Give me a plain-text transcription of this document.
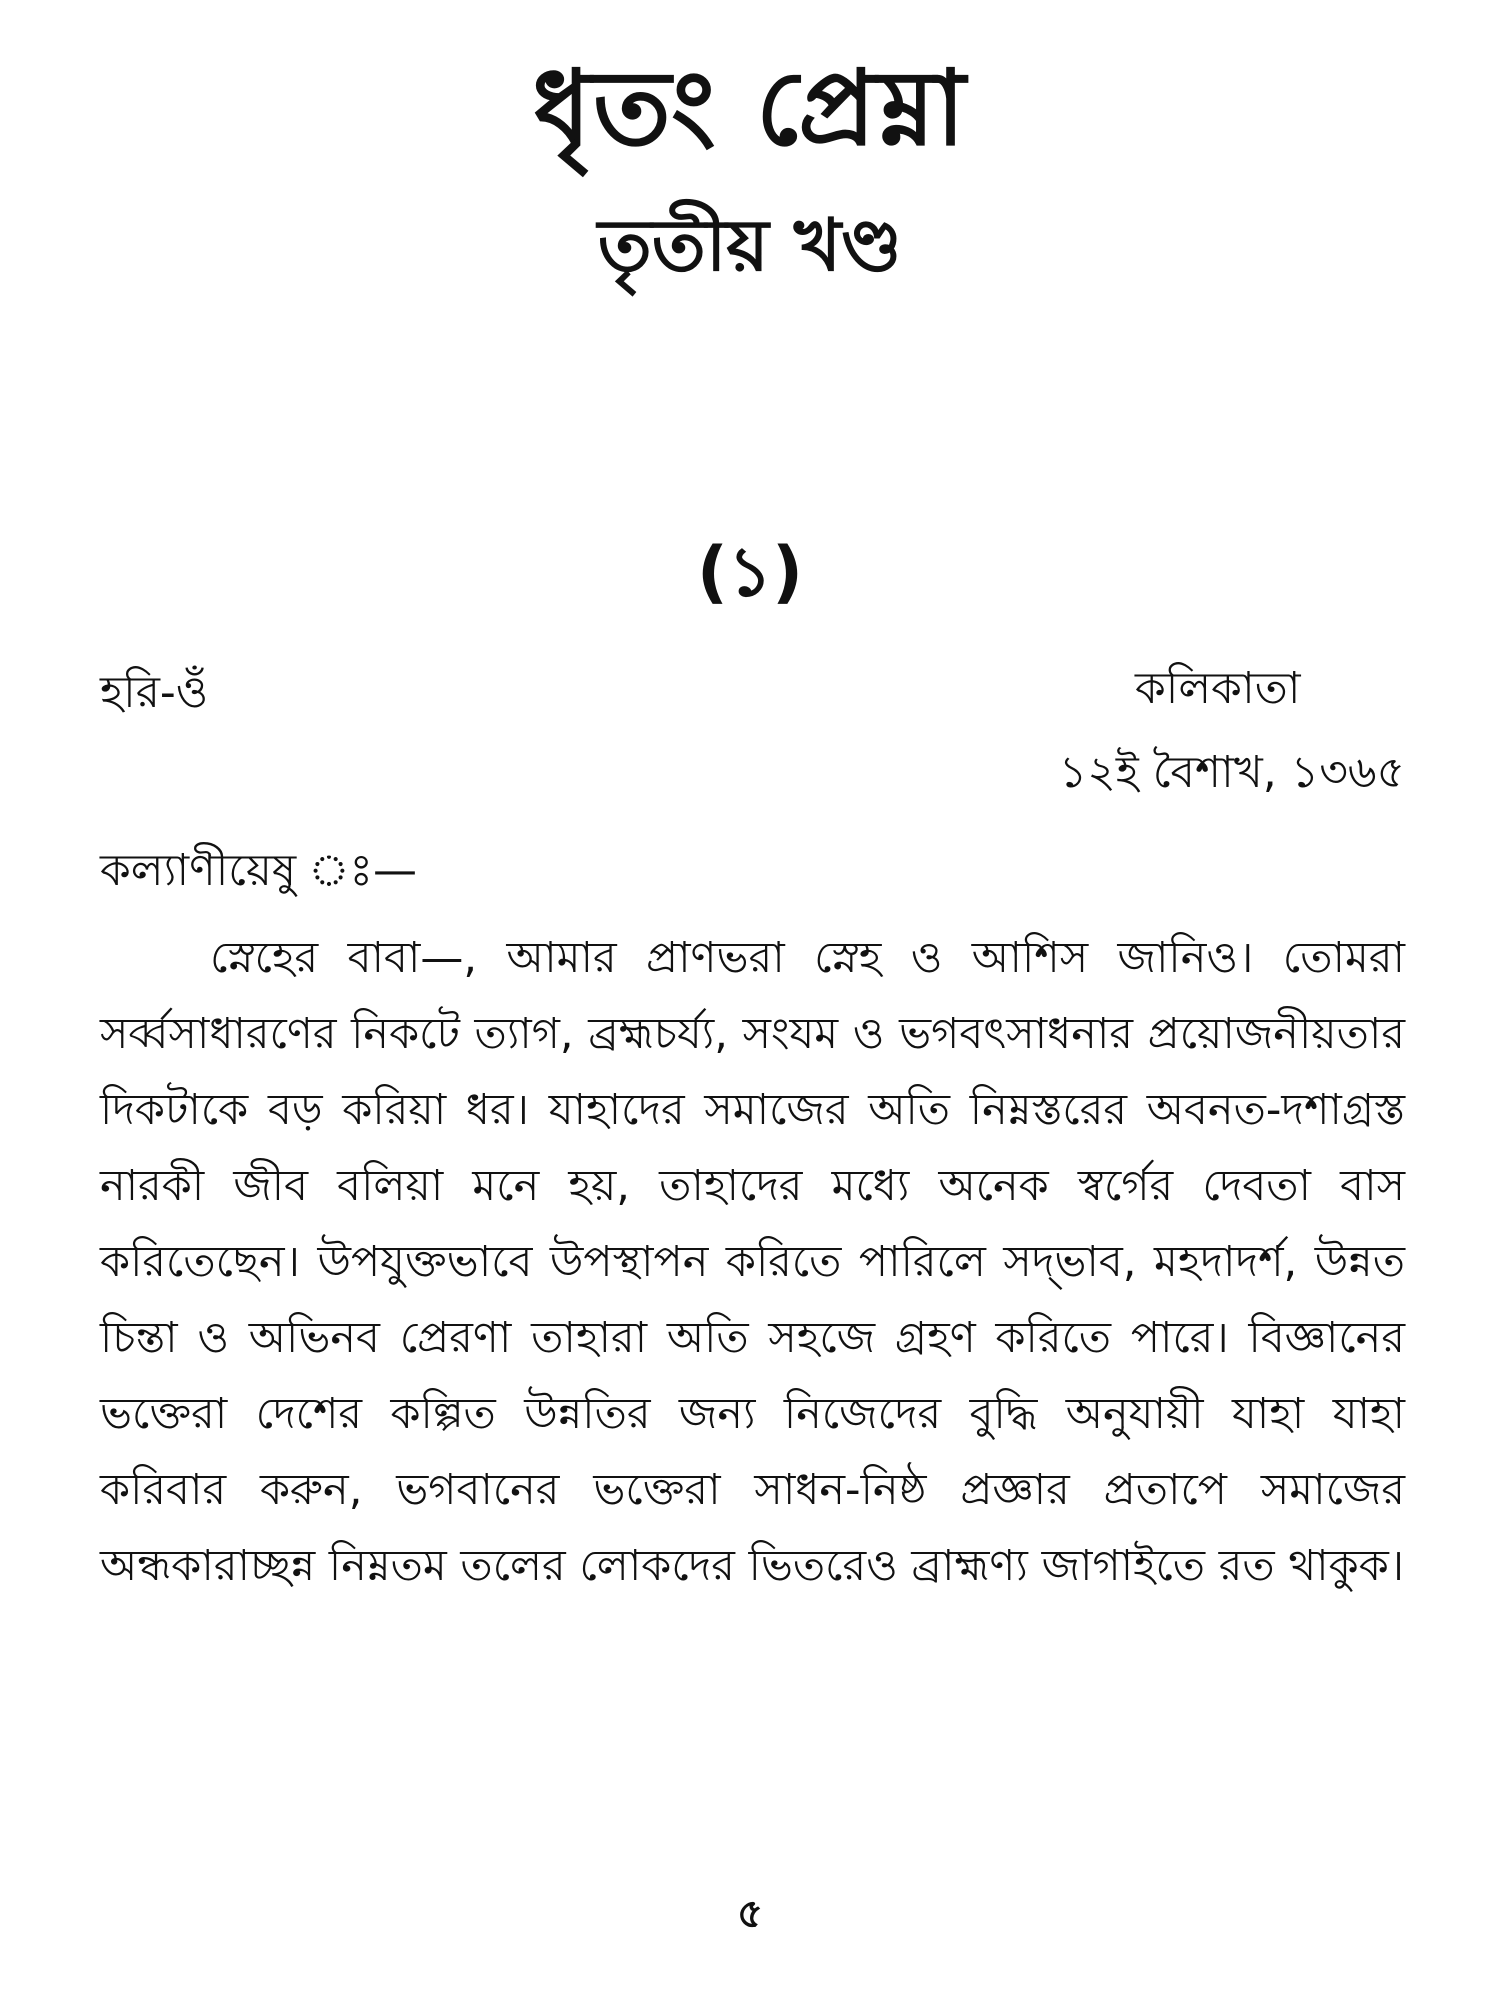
ধৃতং প্রেম্না
তৃতীয় খণ্ড
(১)
হরি-ওঁ	কলিকাতা
১২ই বৈশাখ, ১৩৬৫
কল্যাণীয়েষু ঃ—

স্নেহের বাবা—, আমার প্রাণভরা স্নেহ ও আশিস জানিও। তোমরা সর্ব্বসাধারণের নিকটে ত্যাগ, ব্রহ্মচর্য্য, সংযম ও ভগবৎসাধনার প্রয়োজনীয়তার দিকটাকে বড় করিয়া ধর। যাহাদের সমাজের অতি নিম্নস্তরের অবনত-দশাগ্রস্ত নারকী জীব বলিয়া মনে হয়, তাহাদের মধ্যে অনেক স্বর্গের দেবতা বাস করিতেছেন। উপযুক্তভাবে উপস্থাপন করিতে পারিলে সদ্‌ভাব, মহদাদর্শ, উন্নত চিন্তা ও অভিনব প্রেরণা তাহারা অতি সহজে গ্রহণ করিতে পারে। বিজ্ঞানের ভক্তেরা দেশের কল্পিত উন্নতির জন্য নিজেদের বুদ্ধি অনুযায়ী যাহা যাহা করিবার করুন, ভগবানের ভক্তেরা সাধন-নিষ্ঠ প্রজ্ঞার প্রতাপে সমাজের অন্ধকারাচ্ছন্ন নিম্নতম তলের লোকদের ভিতরেও ব্রাহ্মণ্য জাগাইতে রত থাকুক।

৫
